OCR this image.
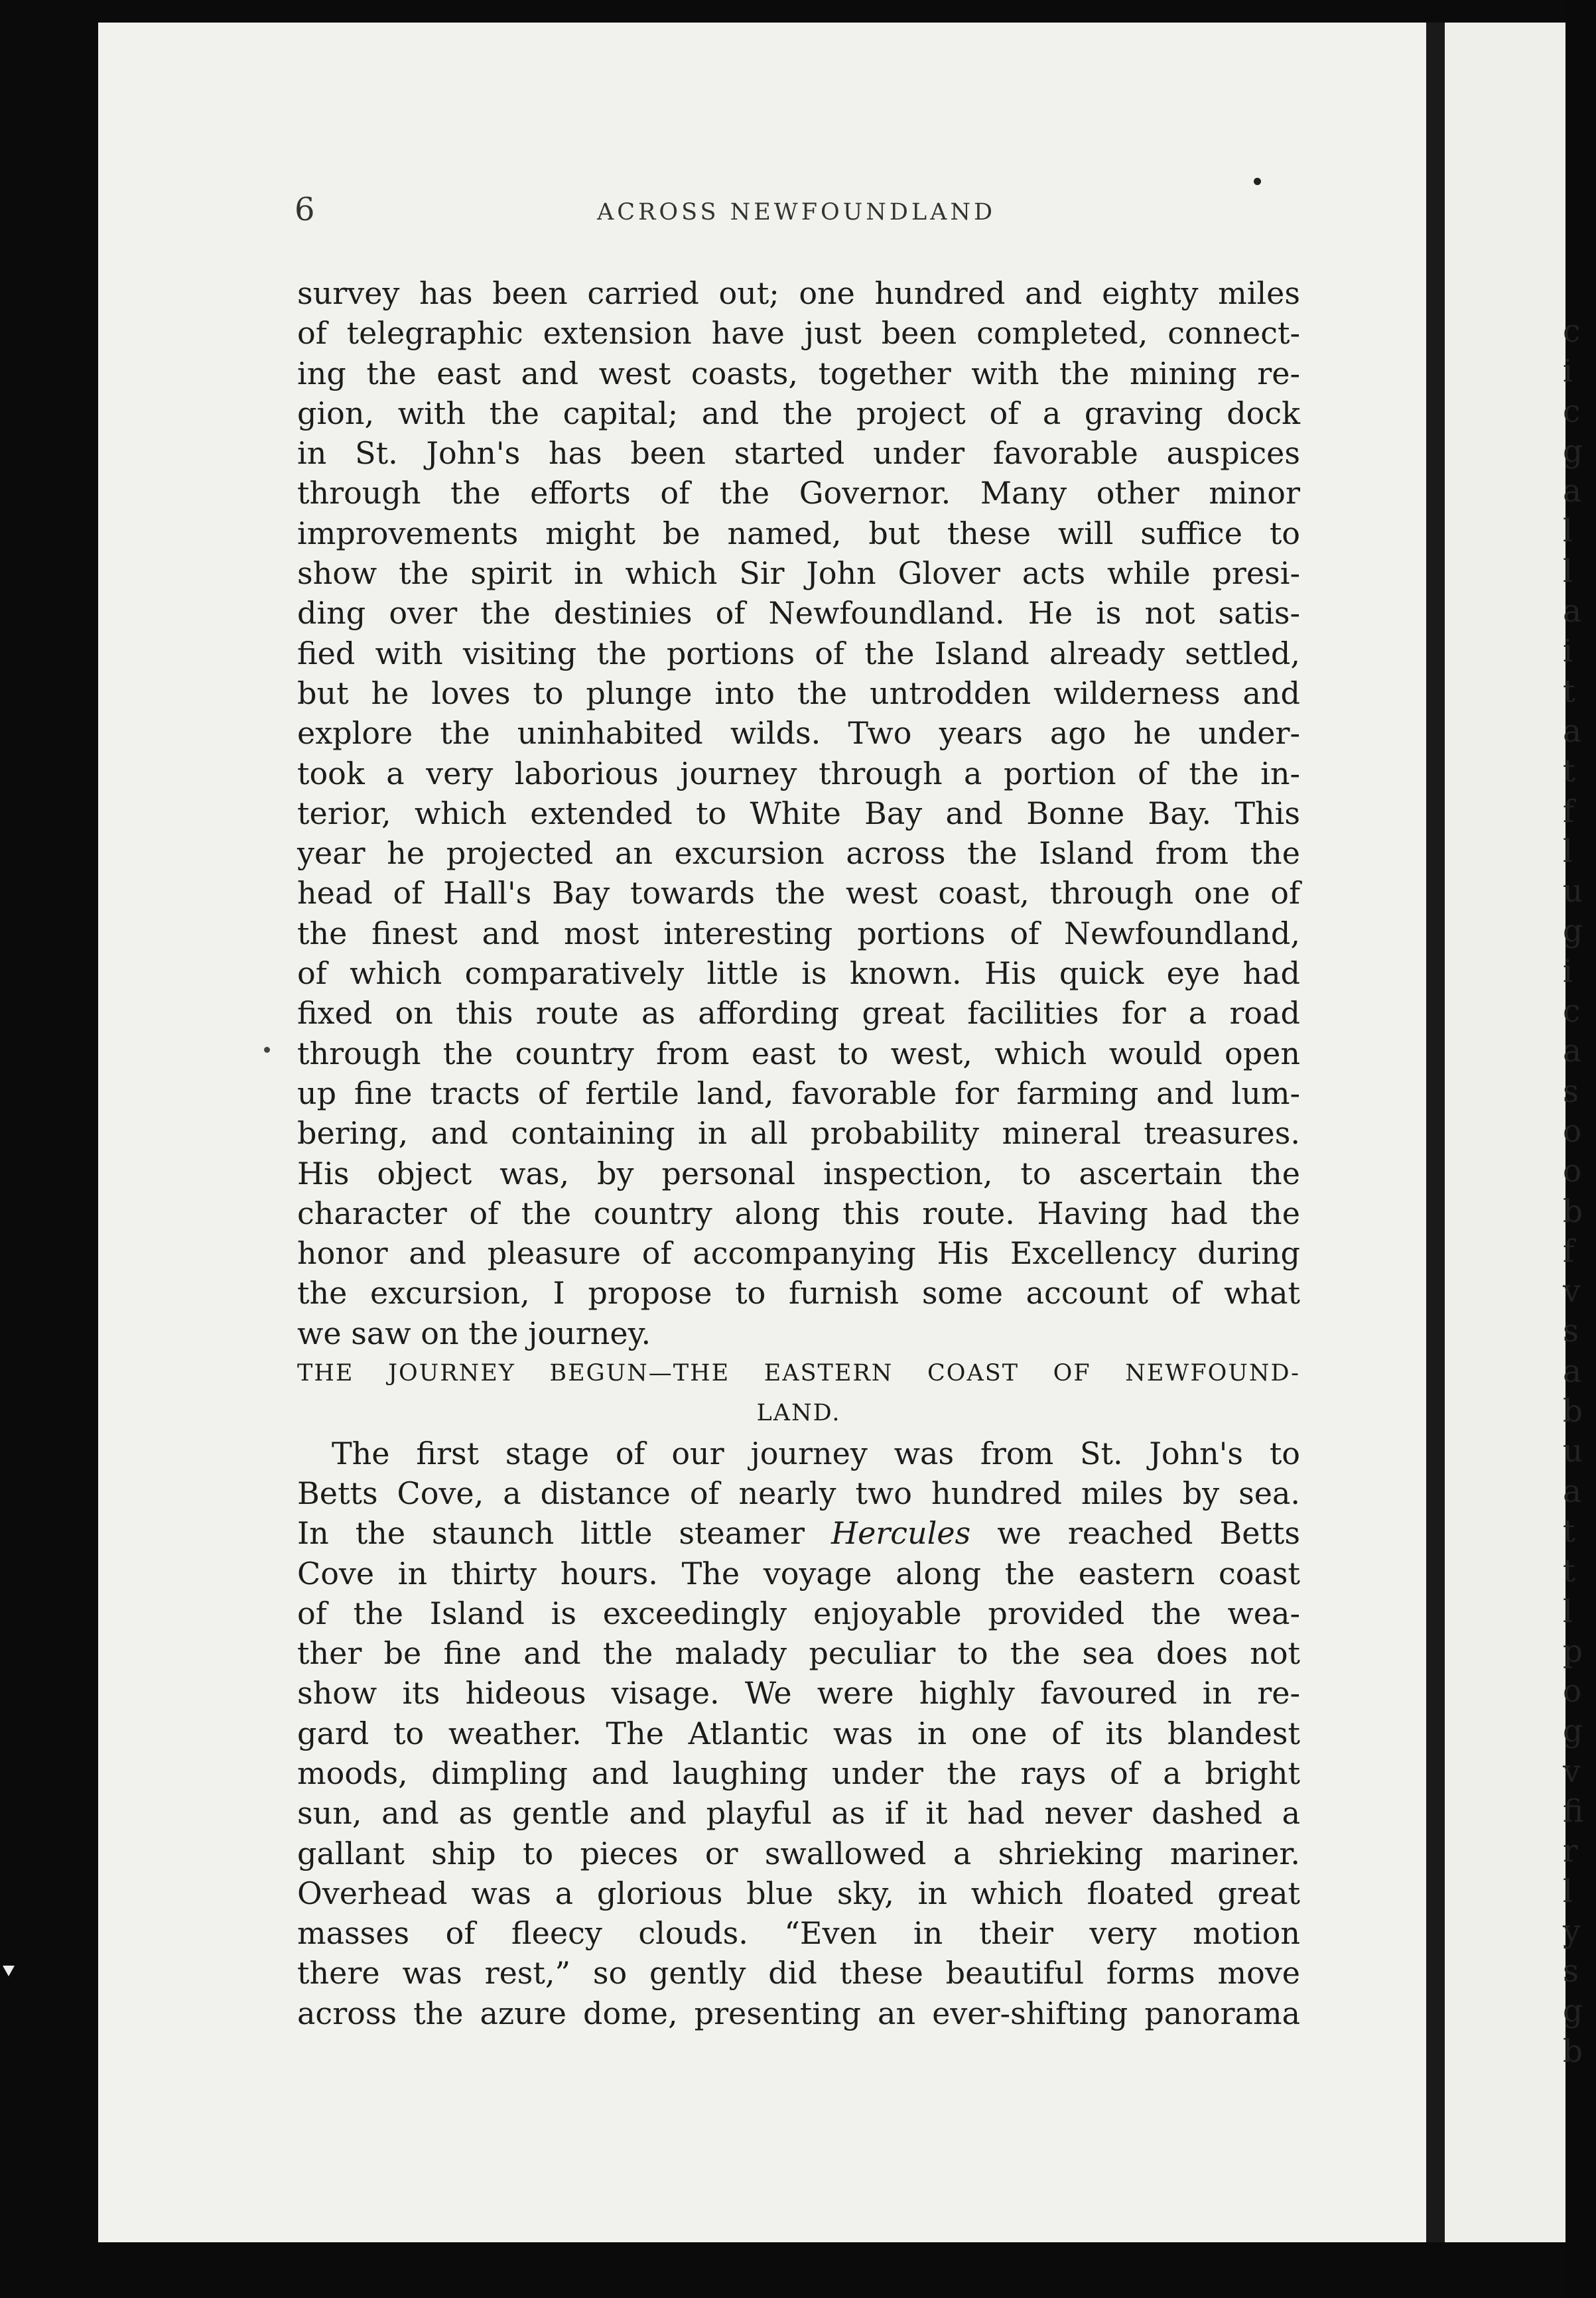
c
i
c
g
a
l
l
a
i
t
a
t
f
l
u
g
i
c
a
s
o
o
b
f
v
s
a
b
u
a
t
t
l
p
o
g
v
fi
r
l
y
s
g
b
6	ACROSS NEWFOUNDLAND
survey has been carried out; one hundred and eighty miles
of telegraphic extension have just been completed, connect-
ing the east and west coasts, together with the mining re-
gion, with the capital; and the project of a graving dock
in St. John's has been started under favorable auspices
through the efforts of the Governor. Many other minor
improvements might be named, but these will suffice to
show the spirit in which Sir John Glover acts while presi-
ding over the destinies of Newfoundland. He is not satis-
fied with visiting the portions of the Island already settled,
but he loves to plunge into the untrodden wilderness and
explore the uninhabited wilds. Two years ago he under-
took a very laborious journey through a portion of the in-
terior, which extended to White Bay and Bonne Bay. This
year he projected an excursion across the Island from the
head of Hall's Bay towards the west coast, through one of
the finest and most interesting portions of Newfoundland,
of which comparatively little is known. His quick eye had
fixed on this route as affording great facilities for a road
through the country from east to west, which would open
up fine tracts of fertile land, favorable for farming and lum-
bering, and containing in all probability mineral treasures.
His object was, by personal inspection, to ascertain the
character of the country along this route. Having had the
honor and pleasure of accompanying His Excellency during
the excursion, I propose to furnish some account of what
we saw on the journey.
THE JOURNEY BEGUN—THE EASTERN COAST OF NEWFOUND-
LAND.
The first stage of our journey was from St. John's to
Betts Cove, a distance of nearly two hundred miles by sea.
In the staunch little steamer Hercules we reached Betts
Cove in thirty hours. The voyage along the eastern coast
of the Island is exceedingly enjoyable provided the wea-
ther be fine and the malady peculiar to the sea does not
show its hideous visage. We were highly favoured in re-
gard to weather. The Atlantic was in one of its blandest
moods, dimpling and laughing under the rays of a bright
sun, and as gentle and playful as if it had never dashed a
gallant ship to pieces or swallowed a shrieking mariner.
Overhead was a glorious blue sky, in which floated great
masses of fleecy clouds. “Even in their very motion
there was rest,” so gently did these beautiful forms move
across the azure dome, presenting an ever-shifting panorama
